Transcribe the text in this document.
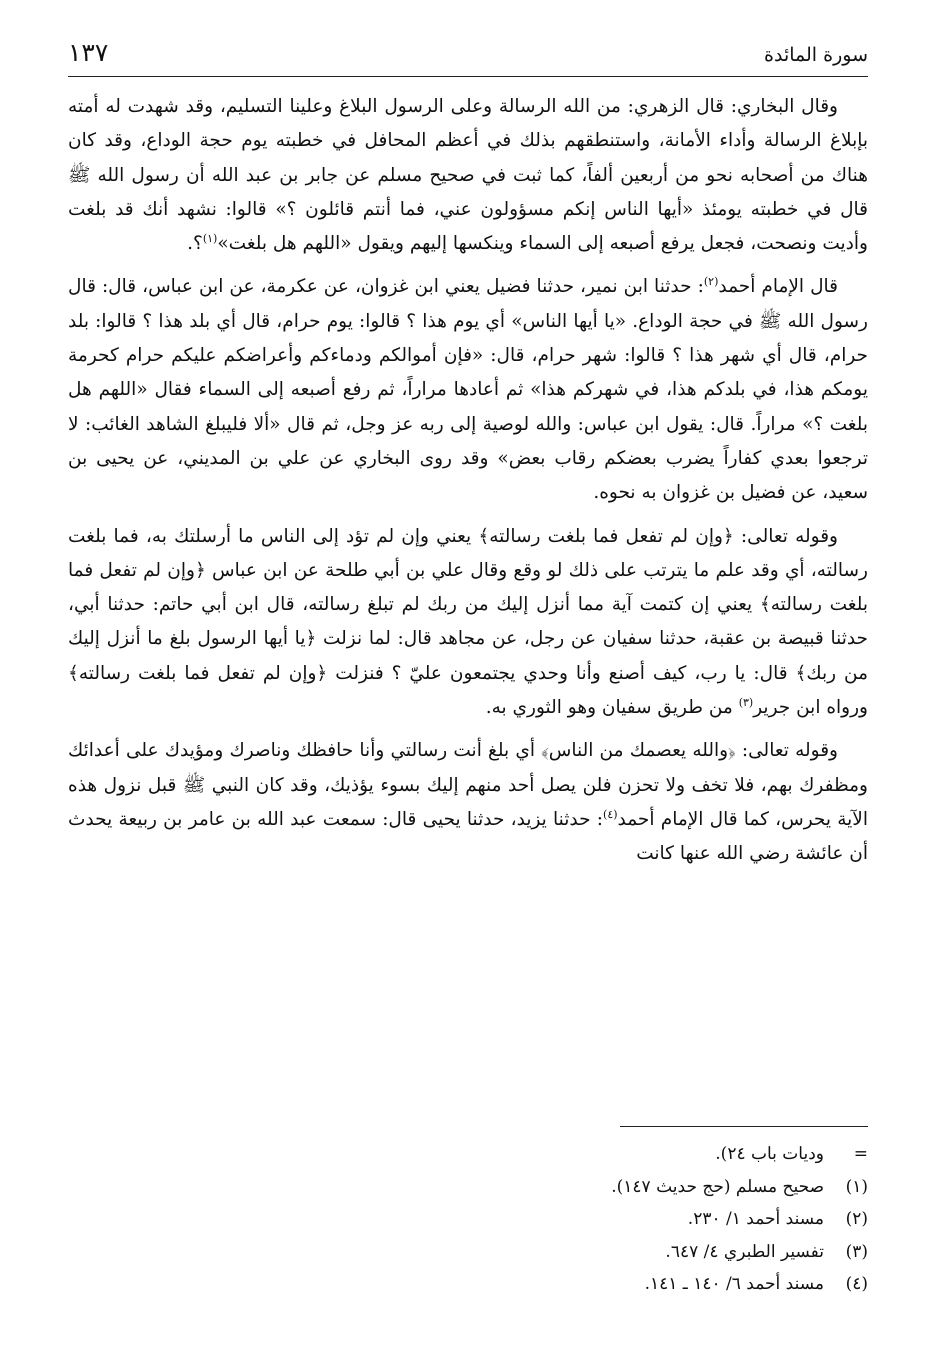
سورة المائدة
١٣٧

وقال البخاري: قال الزهري: من الله الرسالة وعلى الرسول البلاغ وعلينا التسليم، وقد شهدت له أمته بإبلاغ الرسالة وأداء الأمانة، واستنطقهم بذلك في أعظم المحافل في خطبته يوم حجة الوداع، وقد كان هناك من أصحابه نحو من أربعين ألفاً، كما ثبت في صحيح مسلم عن جابر بن عبد الله أن رسول الله ﷺ قال في خطبته يومئذ «أيها الناس إنكم مسؤولون عني، فما أنتم قائلون ؟» قالوا: نشهد أنك قد بلغت وأديت ونصحت، فجعل يرفع أصبعه إلى السماء وينكسها إليهم ويقول «اللهم هل بلغت»$^{(١)}$؟.

قال الإمام أحمد$^{(٢)}$: حدثنا ابن نمير، حدثنا فضيل يعني ابن غزوان، عن عكرمة، عن ابن عباس، قال: قال رسول الله ﷺ في حجة الوداع. «يا أيها الناس» أي يوم هذا ؟ قالوا: يوم حرام، قال أي بلد هذا ؟ قالوا: بلد حرام، قال أي شهر هذا ؟ قالوا: شهر حرام، قال: «فإن أموالكم ودماءكم وأعراضكم عليكم حرام كحرمة يومكم هذا، في بلدكم هذا، في شهركم هذا» ثم أعادها مراراً، ثم رفع أصبعه إلى السماء فقال «اللهم هل بلغت ؟» مراراً. قال: يقول ابن عباس: والله لوصية إلى ربه عز وجل، ثم قال «ألا فليبلغ الشاهد الغائب: لا ترجعوا بعدي كفاراً يضرب بعضكم رقاب بعض» وقد روى البخاري عن علي بن المديني، عن يحيى بن سعيد، عن فضيل بن غزوان به نحوه.

وقوله تعالى: ﴿وإن لم تفعل فما بلغت رسالته﴾ يعني وإن لم تؤد إلى الناس ما أرسلتك به، فما بلغت رسالته، أي وقد علم ما يترتب على ذلك لو وقع وقال علي بن أبي طلحة عن ابن عباس ﴿وإن لم تفعل فما بلغت رسالته﴾ يعني إن كتمت آية مما أنزل إليك من ربك لم تبلغ رسالته، قال ابن أبي حاتم: حدثنا أبي، حدثنا قبيصة بن عقبة، حدثنا سفيان عن رجل، عن مجاهد قال: لما نزلت ﴿يا أيها الرسول بلغ ما أنزل إليك من ربك﴾ قال: يا رب، كيف أصنع وأنا وحدي يجتمعون عليّ ؟ فنزلت ﴿وإن لم تفعل فما بلغت رسالته﴾ ورواه ابن جرير$^{(٣)}$ من طريق سفيان وهو الثوري به.

وقوله تعالى: ﴿والله يعصمك من الناس﴾ أي بلغ أنت رسالتي وأنا حافظك وناصرك ومؤيدك على أعدائك ومظفرك بهم، فلا تخف ولا تحزن فلن يصل أحد منهم إليك بسوء يؤذيك، وقد كان النبي ﷺ قبل نزول هذه الآية يحرس، كما قال الإمام أحمد$^{(٤)}$: حدثنا يزيد، حدثنا يحيى قال: سمعت عبد الله بن عامر بن ربيعة يحدث أن عائشة رضي الله عنها كانت

=
وديات باب ٢٤).
(١)
صحيح مسلم (حج حديث ١٤٧).
(٢)
مسند أحمد ١/ ٢٣٠.
(٣)
تفسير الطبري ٤/ ٦٤٧.
(٤)
مسند أحمد ٦/ ١٤٠ ـ ١٤١.
